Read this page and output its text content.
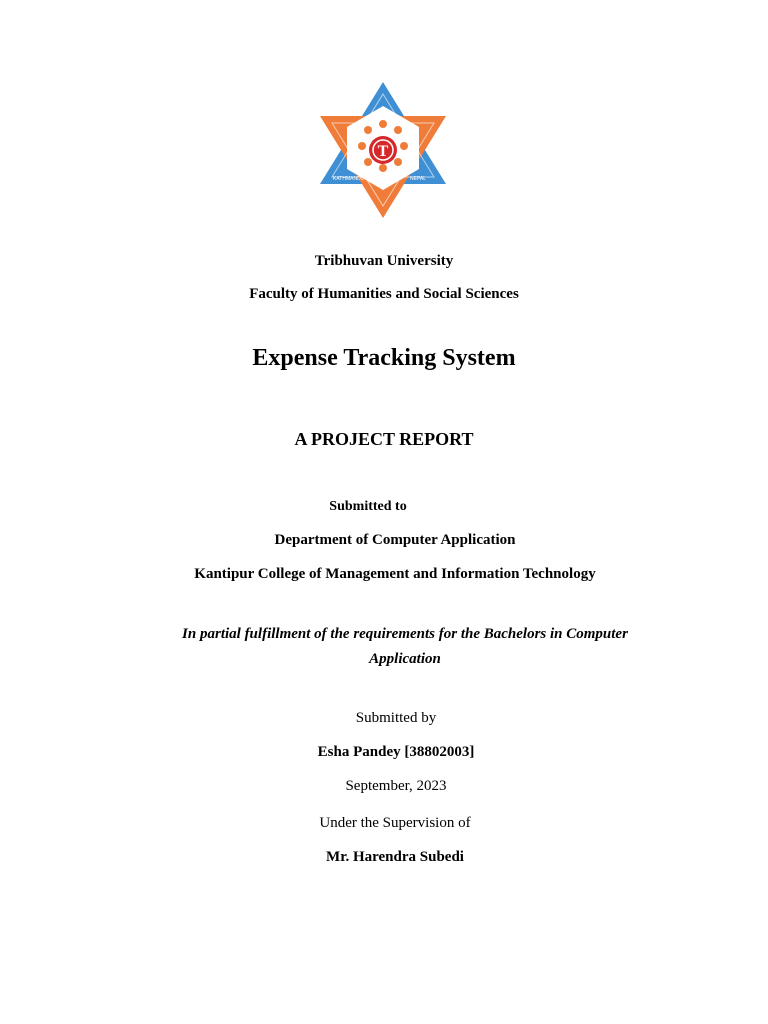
T
KATHMANDU	NEPAL
Tribhuvan University
Faculty of Humanities and Social Sciences
Expense Tracking System
A PROJECT REPORT
Submitted to
Department of Computer Application
Kantipur College of Management and Information Technology
In partial fulfillment of the requirements for the Bachelors in Computer
Application
Submitted by
Esha Pandey [38802003]
September, 2023
Under the Supervision of
Mr. Harendra Subedi
